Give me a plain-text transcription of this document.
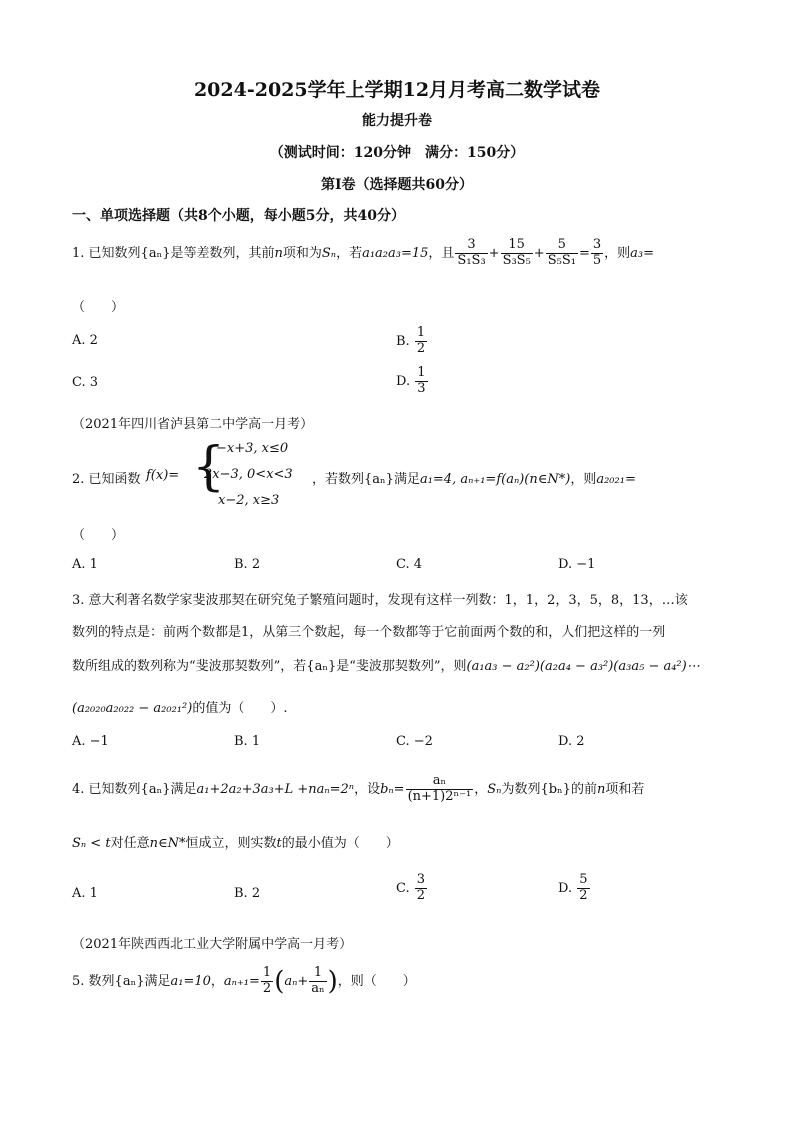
2024-2025学年上学期12月月考高二数学试卷
能力提升卷
（测试时间：120分钟　满分：150分）
第Ⅰ卷（选择题共60分）
一、单项选择题（共8个小题，每小题5分，共40分）
1. 已知数列{aₙ}是等差数列，其前n项和为Sₙ，若a₁a₂a₃=15，且 $\frac{3}{\text{S₁S₃}} + \frac{15}{\text{S₃S₅}} + \frac{5}{\text{S₅S₁}} = \frac{3}{5}$ ，则a₃=
（　　）
A. 2	B. $\frac{1}{2}$
C. 3	D. $\frac{1}{3}$
（2021年四川省泸县第二中学高一月考）
2. 已知函数 f(x)= {
−x+3, x≤0
2x−3, 0<x<3
x−2, x≥3
，若数列{aₙ}满足a₁=4, aₙ₊₁=f(aₙ)(n∈N*)，则a₂₀₂₁=
（　　）
A. 1	B. 2	C. 4	D. −1
3. 意大利著名数学家斐波那契在研究兔子繁殖问题时，发现有这样一列数：1，1，2，3，5，8，13，…该
数列的特点是：前两个数都是1，从第三个数起，每一个数都等于它前面两个数的和，人们把这样的一列
数所组成的数列称为“斐波那契数列”，若{aₙ}是“斐波那契数列”，则(a₁a₃ − a₂²)(a₂a₄ − a₃²)(a₃a₅ − a₄²)⋯
(a₂₀₂₀a₂₀₂₂ − a₂₀₂₁²)的值为（　　）.
A. −1	B. 1	C. −2	D. 2
4. 已知数列{aₙ}满足a₁+2a₂+3a₃+L +naₙ=2ⁿ，设$b_n= \frac{\text{aₙ}}{\text{(n+1)2ⁿ⁻¹}}$ ，Sₙ为数列{bₙ}的前n项和若
Sₙ < t对任意n∈N*恒成立，则实数t的最小值为（　　）
A. 1	B. 2	C. $\frac{3}{2}$	D. $\frac{5}{2}$
（2021年陕西西北工业大学附属中学高一月考）
5. 数列{aₙ}满足a₁=10，$a_{n+1}= \frac{1}{2} (a_n+ \frac{1}{\text{aₙ}}$ )，则（　　）
